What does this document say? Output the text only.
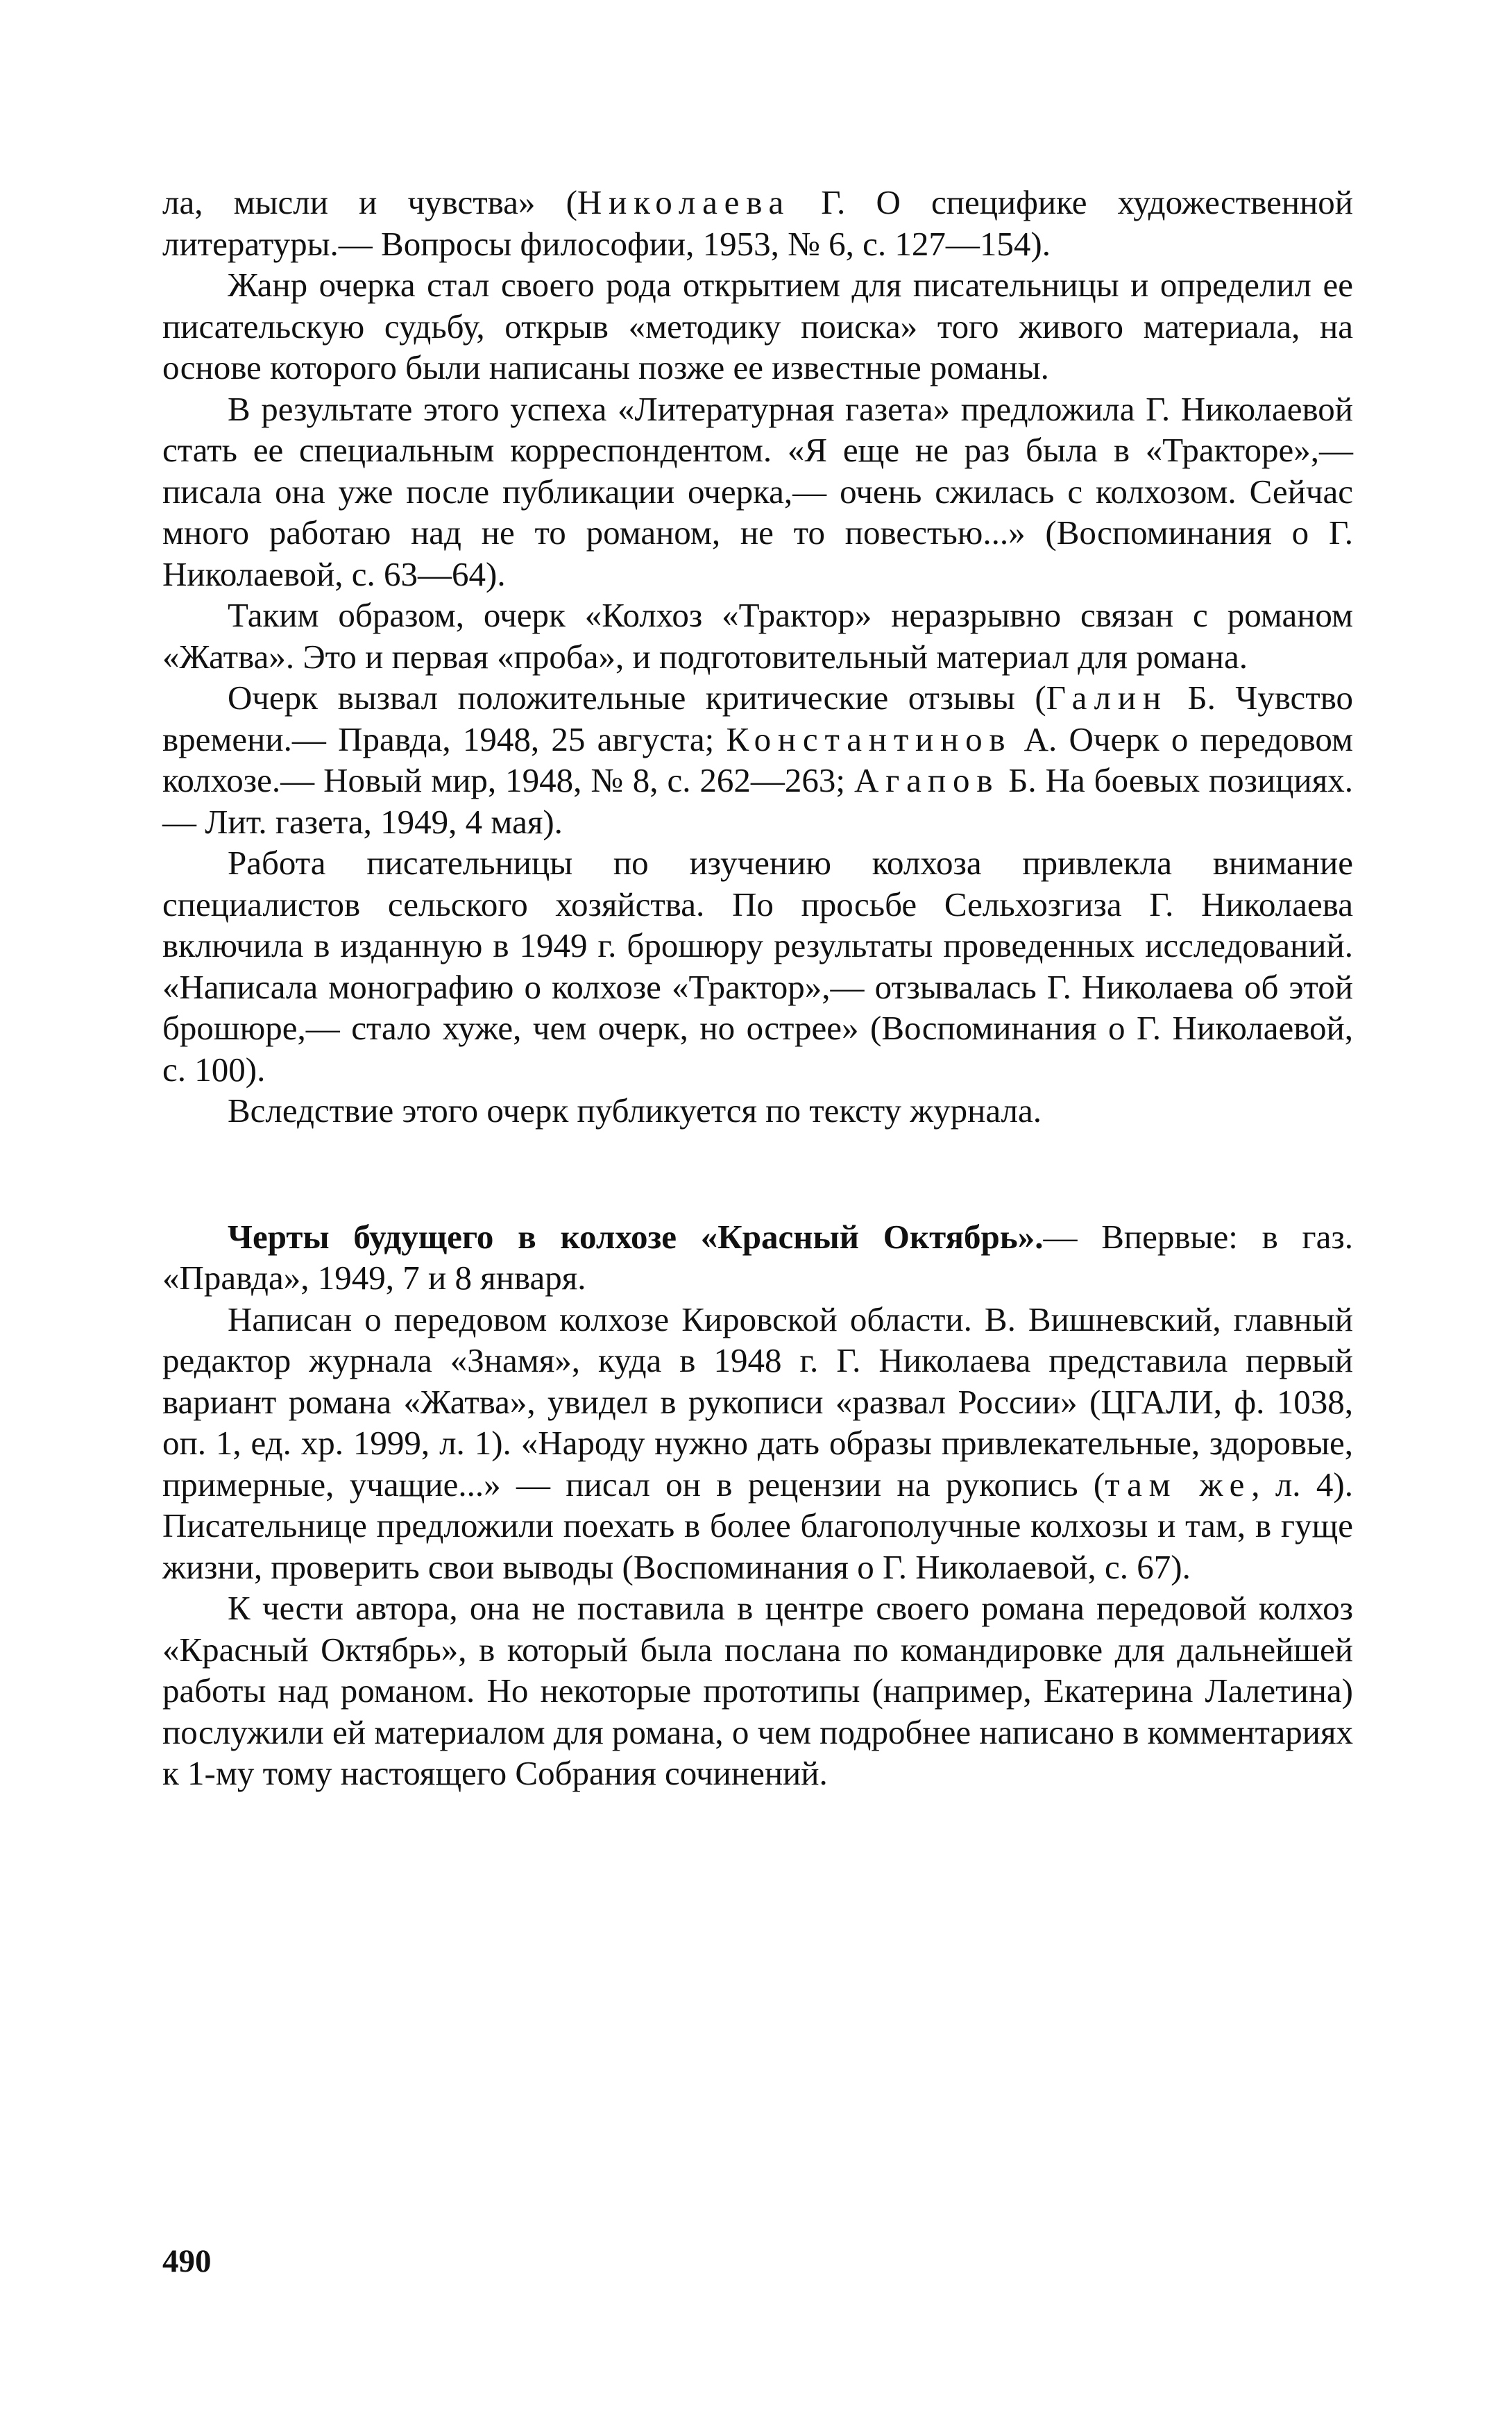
ла, мысли и чувства» (Николаева Г. О специфике художественной литературы.— Вопросы философии, 1953, № 6, с. 127—154).

Жанр очерка стал своего рода открытием для писательницы и определил ее писательскую судьбу, открыв «методику поиска» того живого материала, на основе которого были написаны позже ее известные романы.

В результате этого успеха «Литературная газета» предложила Г. Николаевой стать ее специальным корреспондентом. «Я еще не раз была в «Тракторе»,— писала она уже после публикации очерка,— очень сжилась с колхозом. Сейчас много работаю над не то романом, не то повестью...» (Воспоминания о Г. Николаевой, с. 63—64).

Таким образом, очерк «Колхоз «Трактор» неразрывно связан с романом «Жатва». Это и первая «проба», и подготовительный материал для романа.

Очерк вызвал положительные критические отзывы (Галин Б. Чувство времени.— Правда, 1948, 25 августа; Константинов А. Очерк о передовом колхозе.— Новый мир, 1948, № 8, с. 262—263; Агапов Б. На боевых позициях.— Лит. газета, 1949, 4 мая).

Работа писательницы по изучению колхоза привлекла внимание специалистов сельского хозяйства. По просьбе Сельхозгиза Г. Николаева включила в изданную в 1949 г. брошюру результаты проведенных исследований. «Написала монографию о колхозе «Трактор»,— отзывалась Г. Николаева об этой брошюре,— стало хуже, чем очерк, но острее» (Воспоминания о Г. Николаевой, с. 100).

Вследствие этого очерк публикуется по тексту журнала.

Черты будущего в колхозе «Красный Октябрь».— Впервые: в газ. «Правда», 1949, 7 и 8 января.

Написан о передовом колхозе Кировской области. В. Вишневский, главный редактор журнала «Знамя», куда в 1948 г. Г. Николаева представила первый вариант романа «Жатва», увидел в рукописи «развал России» (ЦГАЛИ, ф. 1038, оп. 1, ед. хр. 1999, л. 1). «Народу нужно дать образы привлекательные, здоровые, примерные, учащие...» — писал он в рецензии на рукопись (там же, л. 4). Писательнице предложили поехать в более благополучные колхозы и там, в гуще жизни, проверить свои выводы (Воспоминания о Г. Николаевой, с. 67).

К чести автора, она не поставила в центре своего романа передовой колхоз «Красный Октябрь», в который была послана по командировке для дальнейшей работы над романом. Но некоторые прототипы (например, Екатерина Лалетина) послужили ей материалом для романа, о чем подробнее написано в комментариях к 1-му тому настоящего Собрания сочинений.

490
